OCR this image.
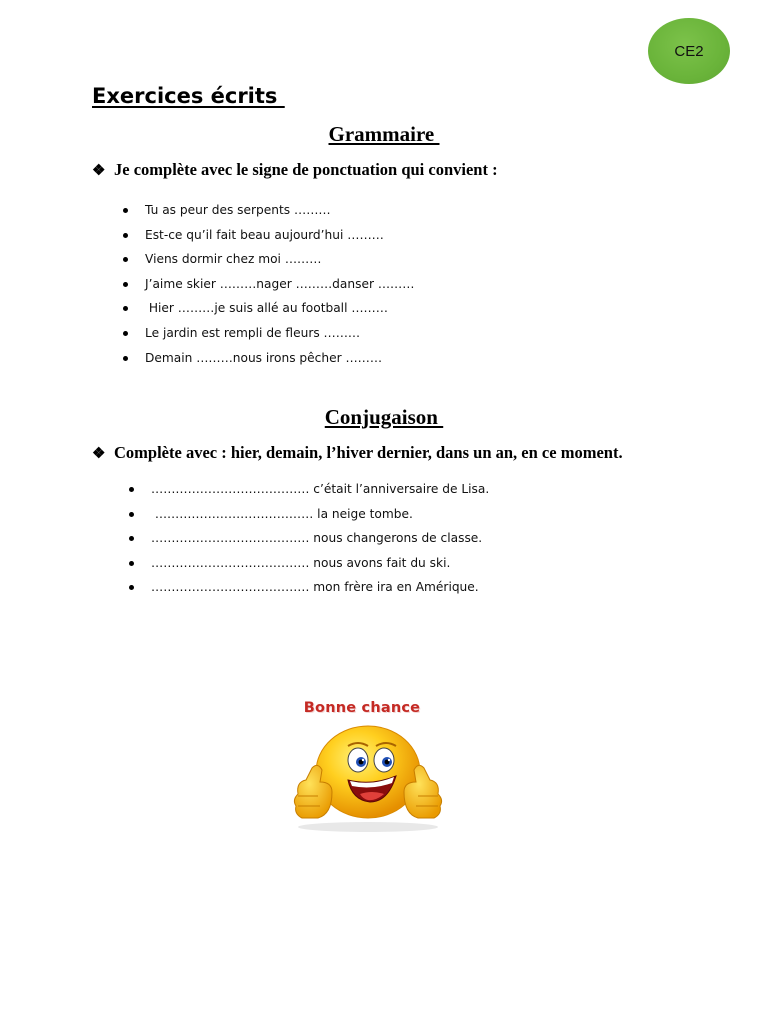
CE2
Exercices écrits
Grammaire
❖ Je complète avec le signe de ponctuation qui convient :
Tu as peur des serpents ………
Est-ce qu’il fait beau aujourd’hui ………
Viens dormir chez moi ………
J’aime skier ………nager ………danser ………
Hier ………je suis allé au football ………
Le jardin est rempli de fleurs ………
Demain ………nous irons pêcher ………
Conjugaison
❖ Complète avec : hier, demain, l’hiver dernier, dans un an, en ce moment.
………………………………… c’était l’anniversaire de Lisa.
………………………………… la neige tombe.
………………………………… nous changerons de classe.
………………………………… nous avons fait du ski.
………………………………… mon frère ira en Amérique.
Bonne chance
